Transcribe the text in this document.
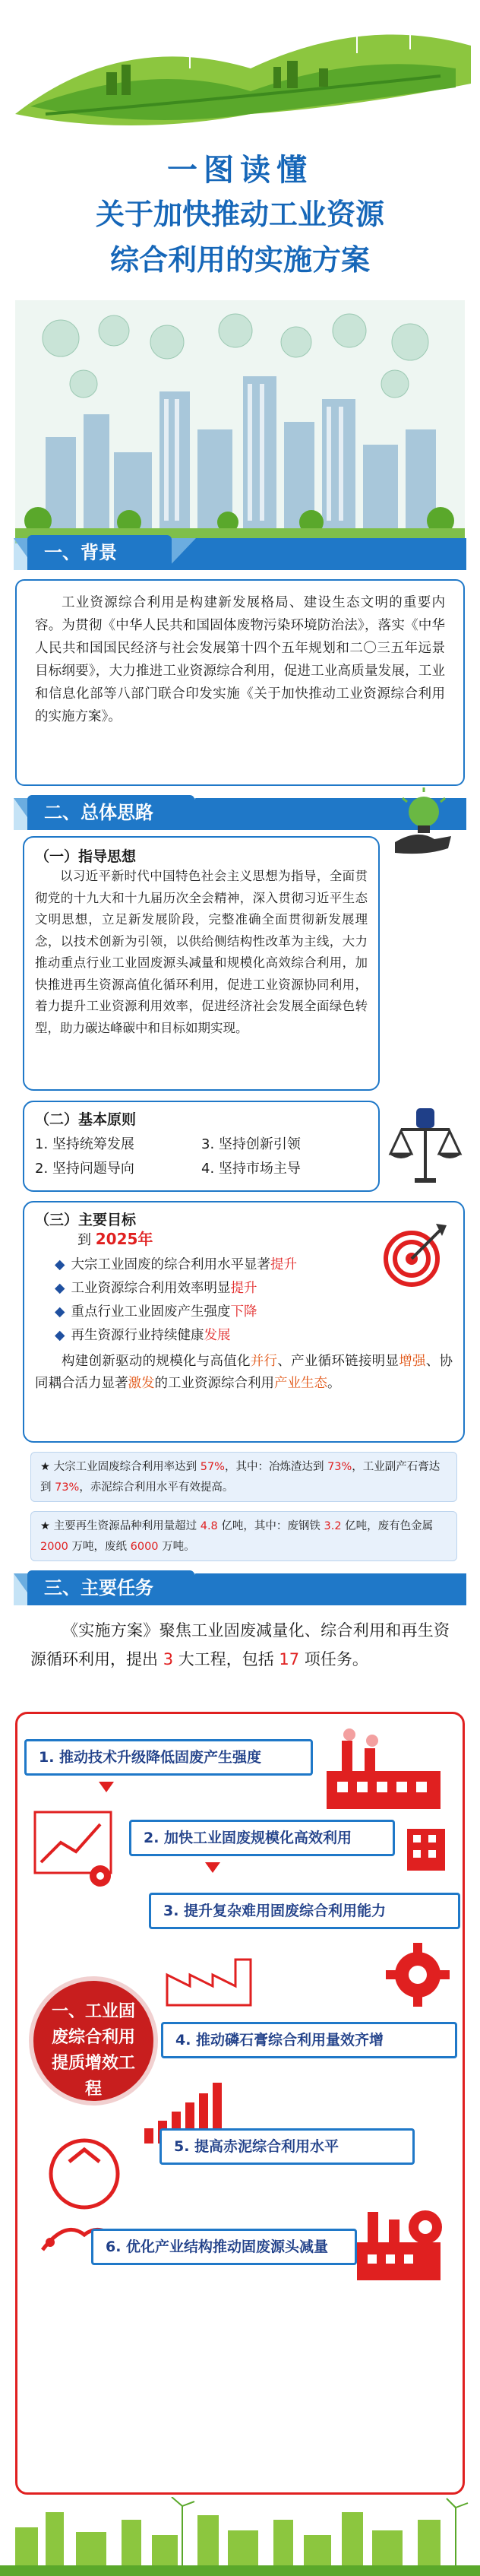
一图读懂
关于加快推动工业资源
综合利用的实施方案
一、背景
工业资源综合利用是构建新发展格局、建设生态文明的重要内容。为贯彻《中华人民共和国固体废物污染环境防治法》，落实《中华人民共和国国民经济与社会发展第十四个五年规划和二〇三五年远景目标纲要》，大力推进工业资源综合利用，促进工业高质量发展，工业和信息化部等八部门联合印发实施《关于加快推动工业资源综合利用的实施方案》。
二、总体思路
（一）指导思想
以习近平新时代中国特色社会主义思想为指导，全面贯彻党的十九大和十九届历次全会精神，深入贯彻习近平生态文明思想，立足新发展阶段，完整准确全面贯彻新发展理念，以技术创新为引领，以供给侧结构性改革为主线，大力推动重点行业工业固废源头减量和规模化高效综合利用，加快推进再生资源高值化循环利用，促进工业资源协同利用，着力提升工业资源利用效率，促进经济社会发展全面绿色转型，助力碳达峰碳中和目标如期实现。
（二）基本原则
1. 坚持统筹发展	3. 坚持创新引领
2. 坚持问题导向	4. 坚持市场主导
（三）主要目标
到 2025年
◆ 大宗工业固废的综合利用水平显著提升
◆ 工业资源综合利用效率明显提升
◆ 重点行业工业固废产生强度下降
◆ 再生资源行业持续健康发展
构建创新驱动的规模化与高值化并行、产业循环链接明显增强、协同耦合活力显著激发的工业资源综合利用产业生态。
★ 大宗工业固废综合利用率达到 57%，其中：冶炼渣达到 73%，工业副产石膏达到 73%，赤泥综合利用水平有效提高。
★ 主要再生资源品种利用量超过 4.8 亿吨，其中：废钢铁 3.2 亿吨，废有色金属 2000 万吨，废纸 6000 万吨。
三、主要任务
《实施方案》聚焦工业固废减量化、综合利用和再生资源循环利用，提出 3 大工程，包括 17 项任务。
一、工业固废综合利用提质增效工程
1. 推动技术升级降低固废产生强度
2. 加快工业固废规模化高效利用
3. 提升复杂难用固废综合利用能力
4. 推动磷石膏综合利用量效齐增
5. 提高赤泥综合利用水平
6. 优化产业结构推动固废源头减量
